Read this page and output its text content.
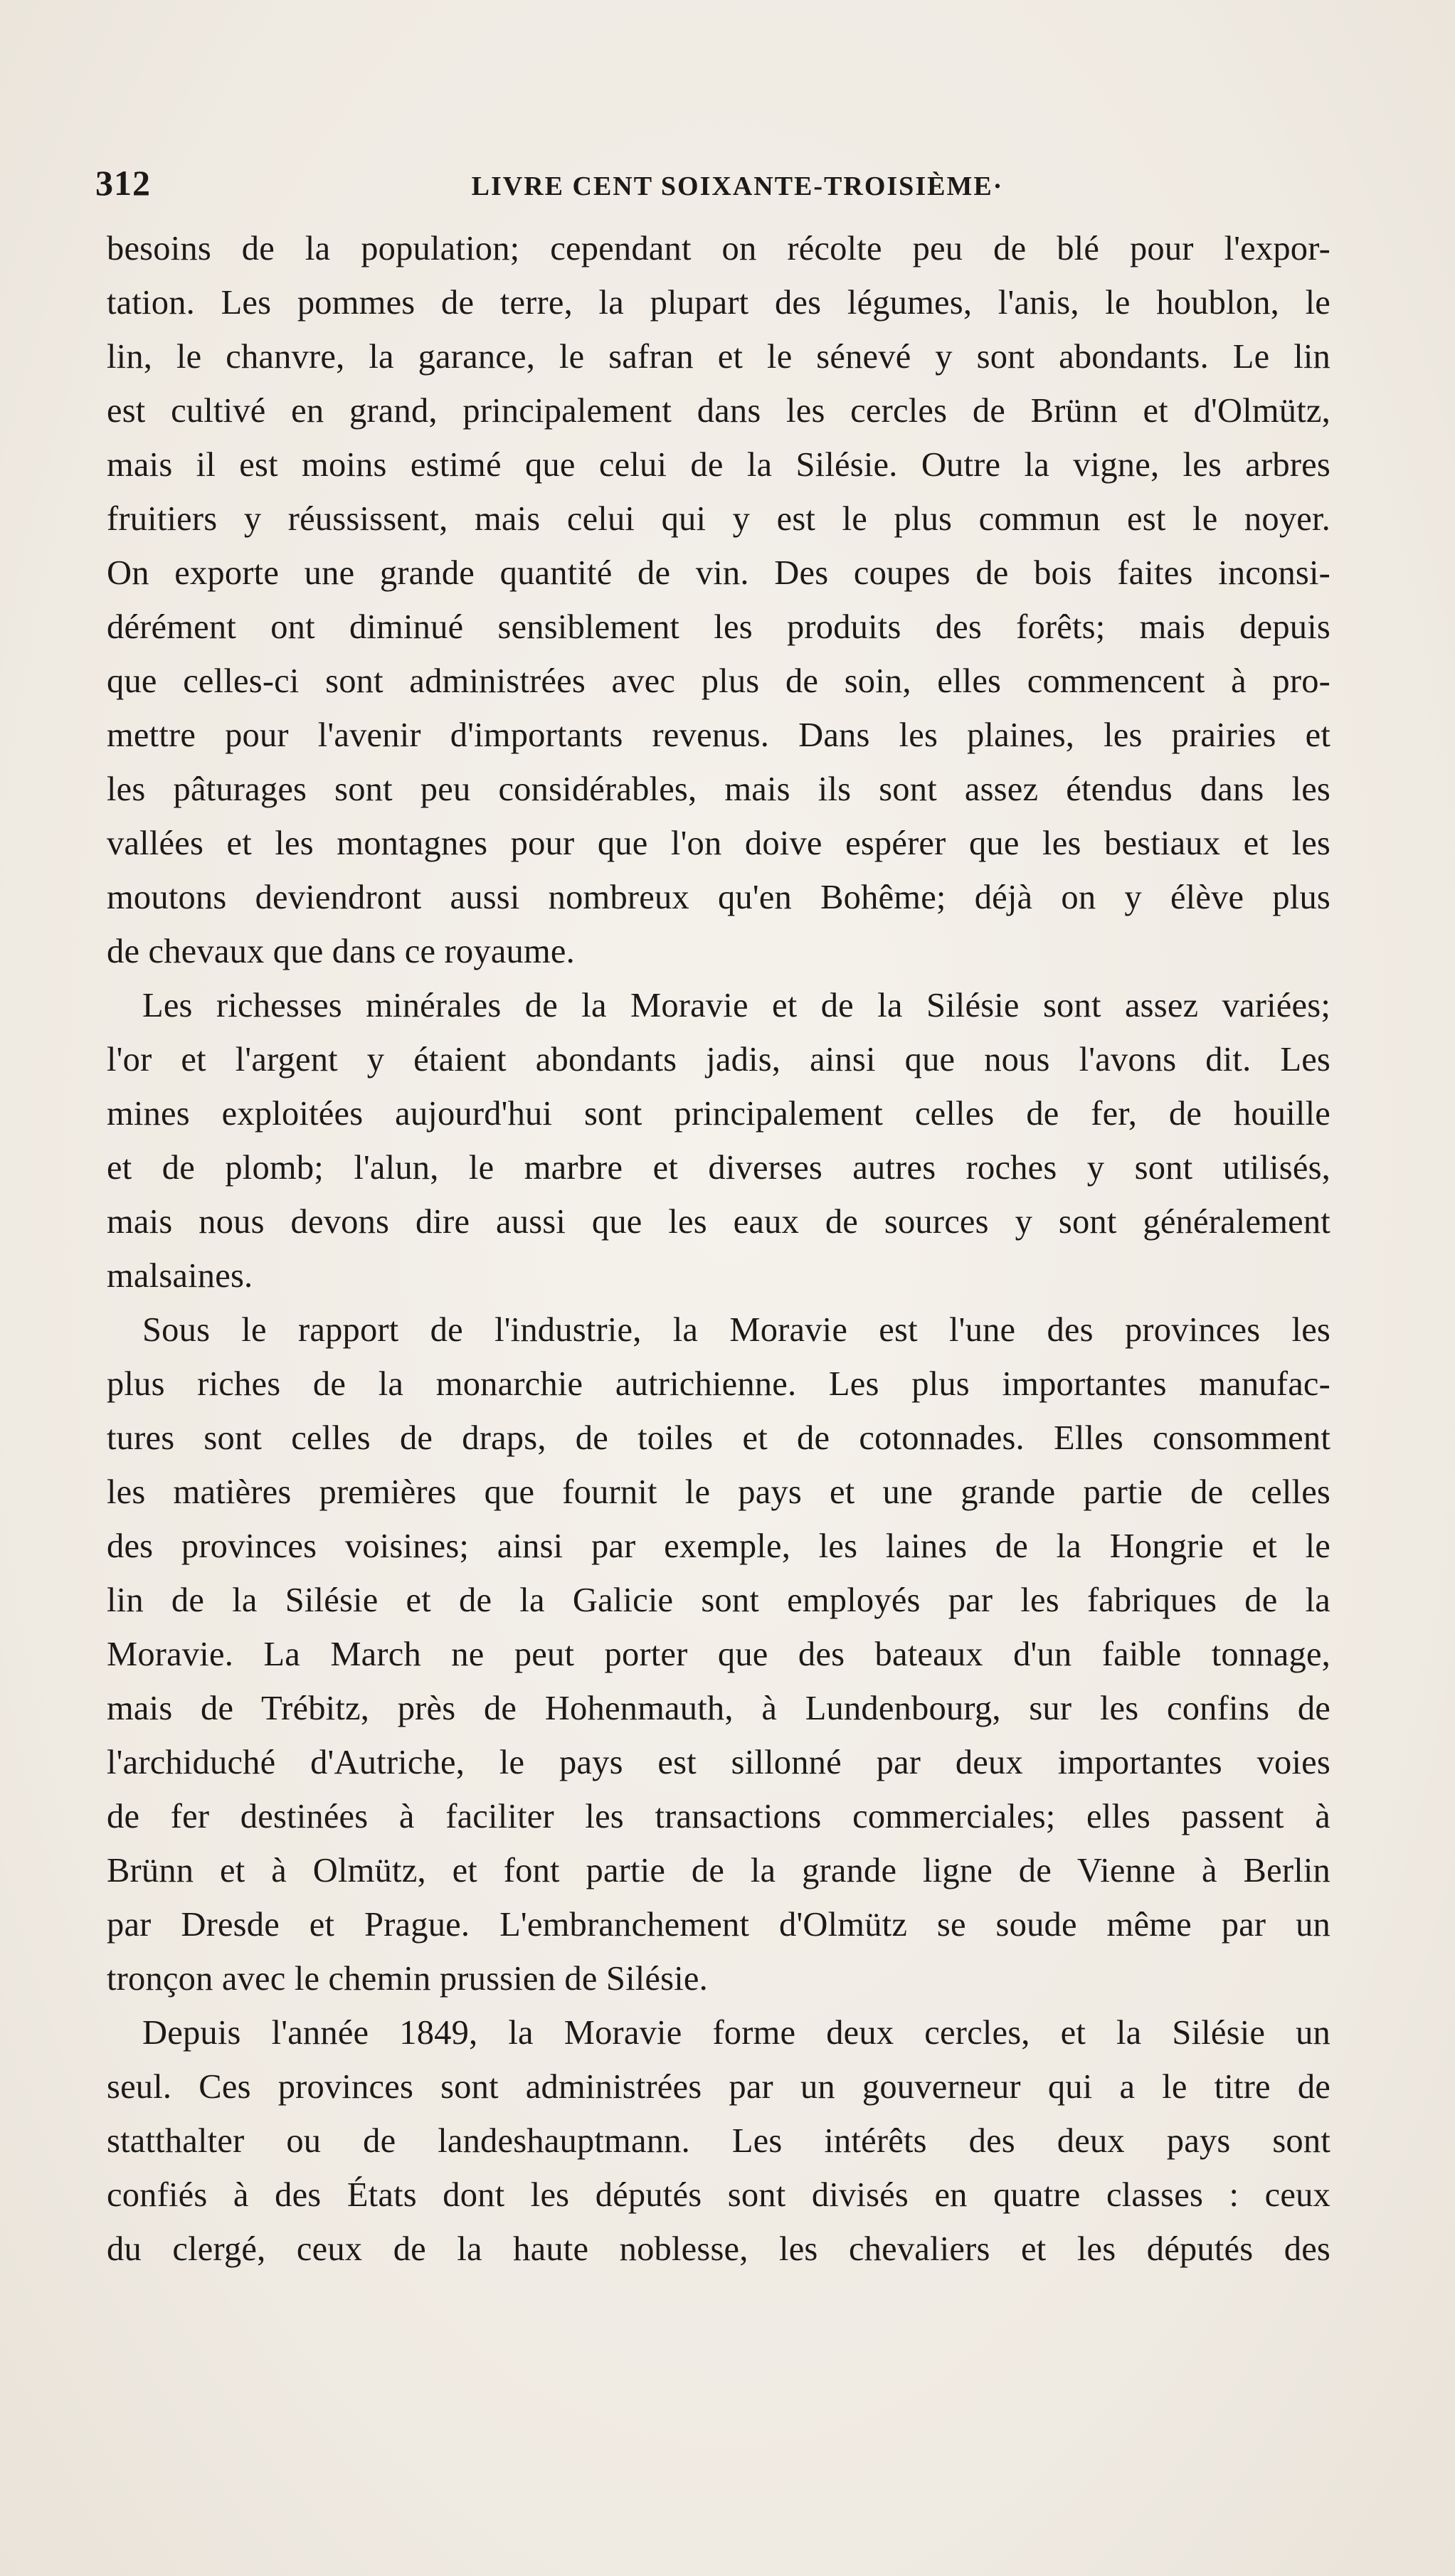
312	LIVRE CENT SOIXANTE-TROISIÈME·

besoins de la population; cependant on récolte peu de blé pour l'expor-
tation. Les pommes de terre, la plupart des légumes, l'anis, le houblon, le
lin, le chanvre, la garance, le safran et le sénevé y sont abondants. Le lin
est cultivé en grand, principalement dans les cercles de Brünn et d'Olmütz,
mais il est moins estimé que celui de la Silésie. Outre la vigne, les arbres
fruitiers y réussissent, mais celui qui y est le plus commun est le noyer.
On exporte une grande quantité de vin. Des coupes de bois faites inconsi-
dérément ont diminué sensiblement les produits des forêts; mais depuis
que celles-ci sont administrées avec plus de soin, elles commencent à pro-
mettre pour l'avenir d'importants revenus. Dans les plaines, les prairies et
les pâturages sont peu considérables, mais ils sont assez étendus dans les
vallées et les montagnes pour que l'on doive espérer que les bestiaux et les
moutons deviendront aussi nombreux qu'en Bohême; déjà on y élève plus
de chevaux que dans ce royaume.

Les richesses minérales de la Moravie et de la Silésie sont assez variées;
l'or et l'argent y étaient abondants jadis, ainsi que nous l'avons dit. Les
mines exploitées aujourd'hui sont principalement celles de fer, de houille
et de plomb; l'alun, le marbre et diverses autres roches y sont utilisés,
mais nous devons dire aussi que les eaux de sources y sont généralement
malsaines.

Sous le rapport de l'industrie, la Moravie est l'une des provinces les
plus riches de la monarchie autrichienne. Les plus importantes manufac-
tures sont celles de draps, de toiles et de cotonnades. Elles consomment
les matières premières que fournit le pays et une grande partie de celles
des provinces voisines; ainsi par exemple, les laines de la Hongrie et le
lin de la Silésie et de la Galicie sont employés par les fabriques de la
Moravie. La March ne peut porter que des bateaux d'un faible tonnage,
mais de Trébitz, près de Hohenmauth, à Lundenbourg, sur les confins de
l'archiduché d'Autriche, le pays est sillonné par deux importantes voies
de fer destinées à faciliter les transactions commerciales; elles passent à
Brünn et à Olmütz, et font partie de la grande ligne de Vienne à Berlin
par Dresde et Prague. L'embranchement d'Olmütz se soude même par un
tronçon avec le chemin prussien de Silésie.

Depuis l'année 1849, la Moravie forme deux cercles, et la Silésie un
seul. Ces provinces sont administrées par un gouverneur qui a le titre de
statthalter ou de landeshauptmann. Les intérêts des deux pays sont
confiés à des États dont les députés sont divisés en quatre classes : ceux
du clergé, ceux de la haute noblesse, les chevaliers et les députés des
